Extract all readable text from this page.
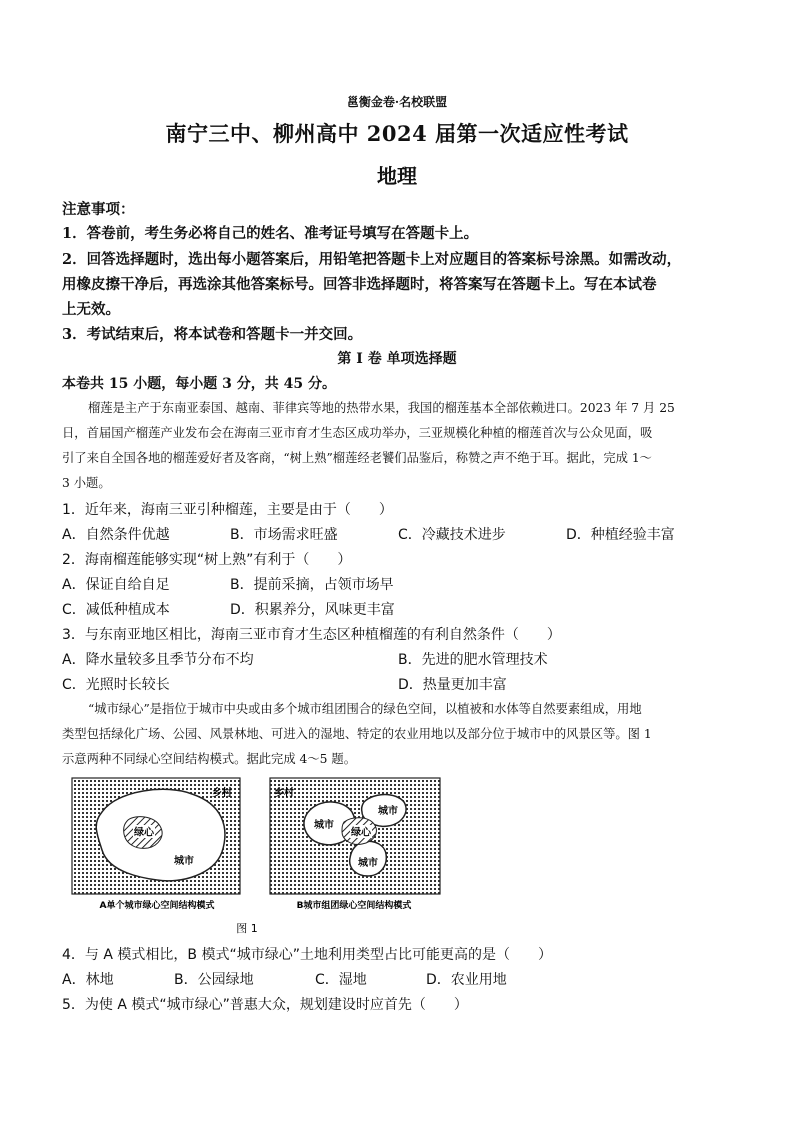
邕衡金卷·名校联盟
南宁三中、柳州高中 2024 届第一次适应性考试
地理
注意事项：
1．答卷前，考生务必将自己的姓名、准考证号填写在答题卡上。
2．回答选择题时，选出每小题答案后，用铅笔把答题卡上对应题目的答案标号涂黑。如需改动，
用橡皮擦干净后，再选涂其他答案标号。回答非选择题时，将答案写在答题卡上。写在本试卷
上无效。
3．考试结束后，将本试卷和答题卡一并交回。
第 I 卷 单项选择题
本卷共 15 小题，每小题 3 分，共 45 分。
榴莲是主产于东南亚泰国、越南、菲律宾等地的热带水果，我国的榴莲基本全部依赖进口。2023 年 7 月 25
日，首届国产榴莲产业发布会在海南三亚市育才生态区成功举办，三亚规模化种植的榴莲首次与公众见面，吸
引了来自全国各地的榴莲爱好者及客商，“树上熟”榴莲经老饕们品鉴后，称赞之声不绝于耳。据此，完成 1～
3 小题。
1．近年来，海南三亚引种榴莲，主要是由于（　　）
A．自然条件优越	B．市场需求旺盛	C．冷藏技术进步	D．种植经验丰富
2．海南榴莲能够实现“树上熟”有利于（　　）
A．保证自给自足	B．提前采摘，占领市场早
C．减低种植成本	D．积累养分，风味更丰富
3．与东南亚地区相比，海南三亚市育才生态区种植榴莲的有利自然条件（　　）
A．降水量较多且季节分布不均	B．先进的肥水管理技术
C．光照时长较长	D．热量更加丰富
“城市绿心”是指位于城市中央或由多个城市组团围合的绿色空间，以植被和水体等自然要素组成，用地
类型包括绿化广场、公园、风景林地、可进入的湿地、特定的农业用地以及部分位于城市中的风景区等。图 1
示意两种不同绿心空间结构模式。据此完成 4～5 题。
绿心
乡村
城市
A单个城市绿心空间结构模式
绿心
乡村
城市
城市
城市
B城市组团绿心空间结构模式
图 1
4．与 A 模式相比，B 模式“城市绿心”土地利用类型占比可能更高的是（　　）
A．林地	B．公园绿地	C．湿地	D．农业用地
5．为使 A 模式“城市绿心”普惠大众，规划建设时应首先（　　）
